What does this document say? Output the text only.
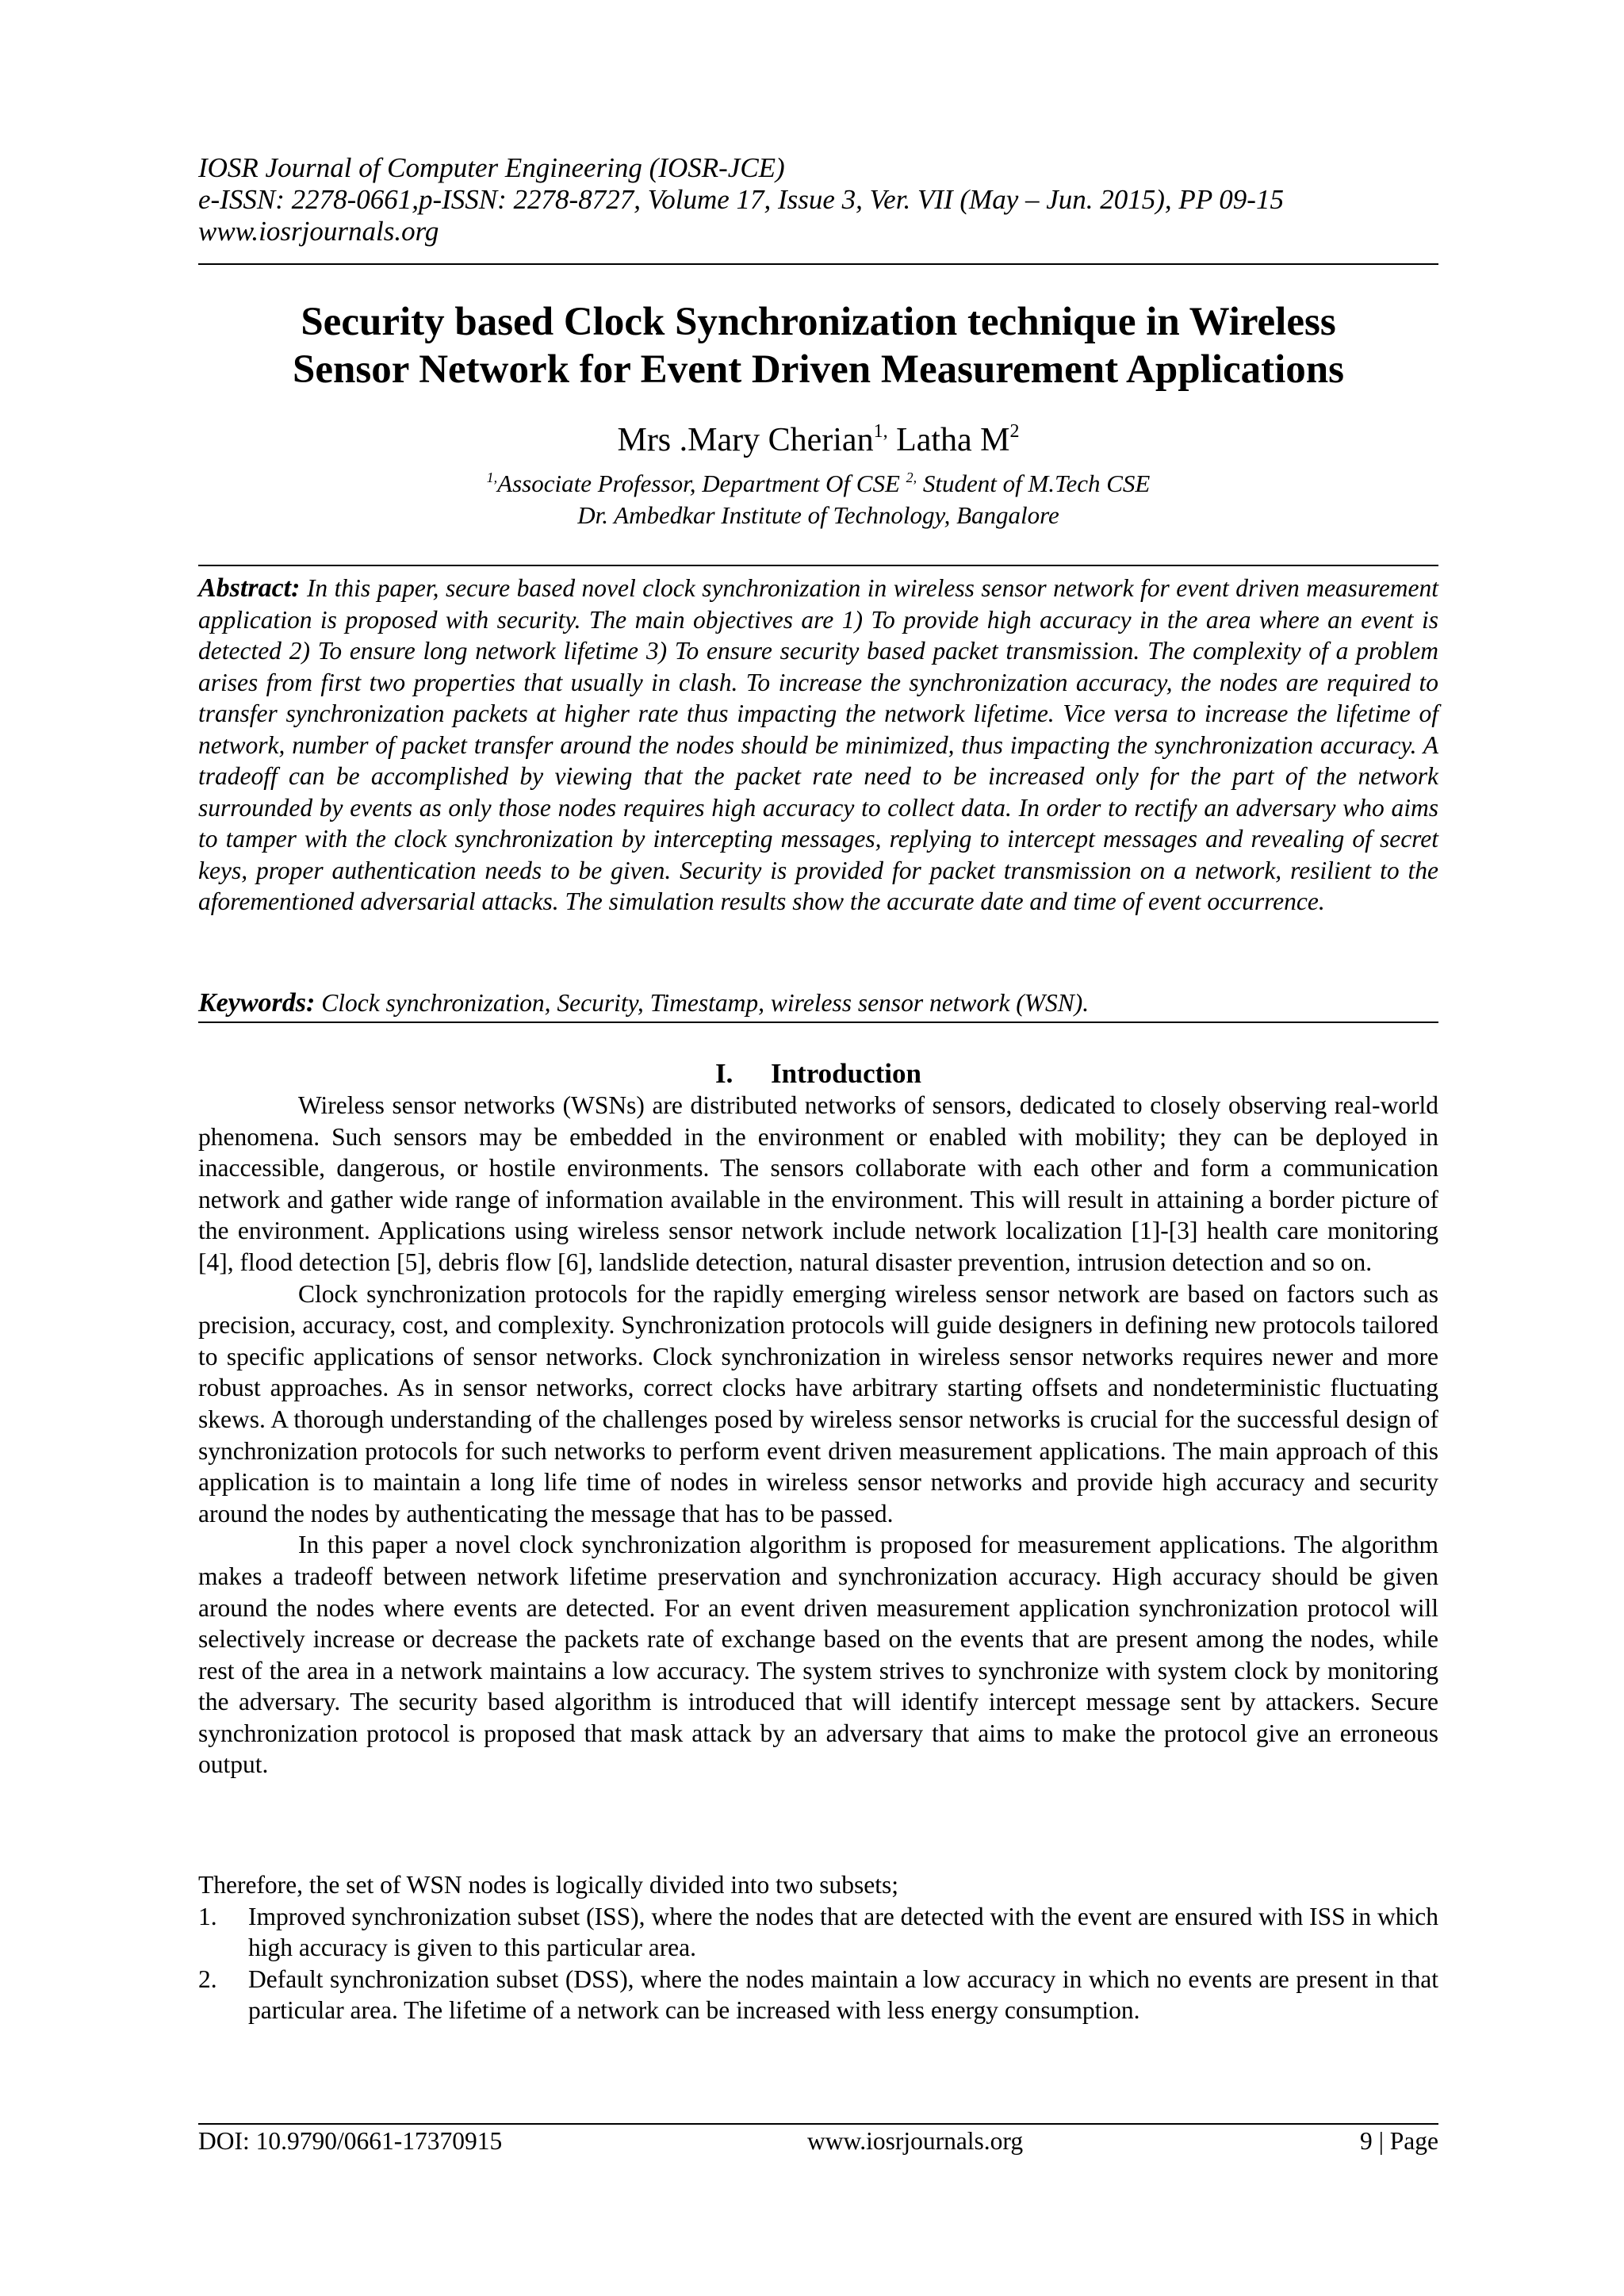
IOSR Journal of Computer Engineering (IOSR-JCE)
e-ISSN: 2278-0661,p-ISSN: 2278-8727, Volume 17, Issue 3, Ver. VII (May – Jun. 2015), PP 09-15
www.iosrjournals.org
Security based Clock Synchronization technique in Wireless
Sensor Network for Event Driven Measurement Applications
Mrs .Mary Cherian$^{1,}$ Latha $M^2$
$^{1,}$Associate Professor, Department Of CSE $^{2,}$ Student of M.Tech CSE
Dr. Ambedkar Institute of Technology, Bangalore
Abstract: In this paper, secure based novel clock synchronization in wireless sensor network for event driven measurement application is proposed with security. The main objectives are 1) To provide high accuracy in the area where an event is detected 2) To ensure long network lifetime 3) To ensure security based packet transmission. The complexity of a problem arises from first two properties that usually in clash. To increase the synchronization accuracy, the nodes are required to transfer synchronization packets at higher rate thus impacting the network lifetime. Vice versa to increase the lifetime of network, number of packet transfer around the nodes should be minimized, thus impacting the synchronization accuracy. A tradeoff can be accomplished by viewing that the packet rate need to be increased only for the part of the network surrounded by events as only those nodes requires high accuracy to collect data. In order to rectify an adversary who aims to tamper with the clock synchronization by intercepting messages, replying to intercept messages and revealing of secret keys, proper authentication needs to be given. Security is provided for packet transmission on a network, resilient to the aforementioned adversarial attacks. The simulation results show the accurate date and time of event occurrence.
Keywords: Clock synchronization, Security, Timestamp, wireless sensor network (WSN).
I. Introduction

Wireless sensor networks (WSNs) are distributed networks of sensors, dedicated to closely observing real-world phenomena. Such sensors may be embedded in the environment or enabled with mobility; they can be deployed in inaccessible, dangerous, or hostile environments. The sensors collaborate with each other and form a communication network and gather wide range of information available in the environment. This will result in attaining a border picture of the environment. Applications using wireless sensor network include network localization [1]-[3] health care monitoring [4], flood detection [5], debris flow [6], landslide detection, natural disaster prevention, intrusion detection and so on.

Clock synchronization protocols for the rapidly emerging wireless sensor network are based on factors such as precision, accuracy, cost, and complexity. Synchronization protocols will guide designers in defining new protocols tailored to specific applications of sensor networks. Clock synchronization in wireless sensor networks requires newer and more robust approaches. As in sensor networks, correct clocks have arbitrary starting offsets and nondeterministic fluctuating skews. A thorough understanding of the challenges posed by wireless sensor networks is crucial for the successful design of synchronization protocols for such networks to perform event driven measurement applications. The main approach of this application is to maintain a long life time of nodes in wireless sensor networks and provide high accuracy and security around the nodes by authenticating the message that has to be passed.

In this paper a novel clock synchronization algorithm is proposed for measurement applications. The algorithm makes a tradeoff between network lifetime preservation and synchronization accuracy. High accuracy should be given around the nodes where events are detected. For an event driven measurement application synchronization protocol will selectively increase or decrease the packets rate of exchange based on the events that are present among the nodes, while rest of the area in a network maintains a low accuracy. The system strives to synchronize with system clock by monitoring the adversary. The security based algorithm is introduced that will identify intercept message sent by attackers. Secure synchronization protocol is proposed that mask attack by an adversary that aims to make the protocol give an erroneous output.

Therefore, the set of WSN nodes is logically divided into two subsets;

1. Improved synchronization subset (ISS), where the nodes that are detected with the event are ensured with ISS in which high accuracy is given to this particular area.
2. Default synchronization subset (DSS), where the nodes maintain a low accuracy in which no events are present in that particular area. The lifetime of a network can be increased with less energy consumption.
DOI: 10.9790/0661-17370915	www.iosrjournals.org	9 | Page
